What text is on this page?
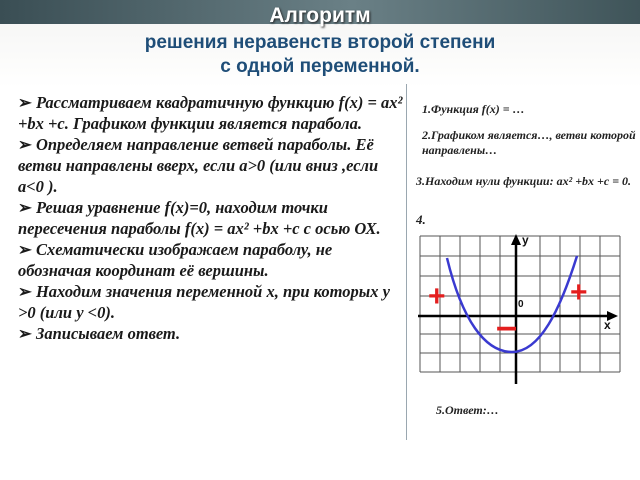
Алгоритм
решения неравенств второй степени
с одной переменной.
➢ Рассматриваем квадратичную функцию f(x) = ax² +bx +c. Графиком функции является парабола.
➢ Определяем направление ветвей параболы. Её ветви направлены вверх, если a>0 (или вниз ,если a<0 ).
➢ Решая уравнение f(x)=0, находим точки пересечения параболы f(x) = ax² +bx +c с осью ОХ.
➢ Схематически изображаем параболу, не обозначая координат её вершины.
➢ Находим значения переменной x, при которых y >0 (или y <0).
➢ Записываем ответ.
1.Функция f(x) = …
2.Графиком является…, ветви которой направлены…
3.Находим нули функции: ax² +bx +c = 0.
4.
y
x
0
+	+
–
5.Ответ:…
